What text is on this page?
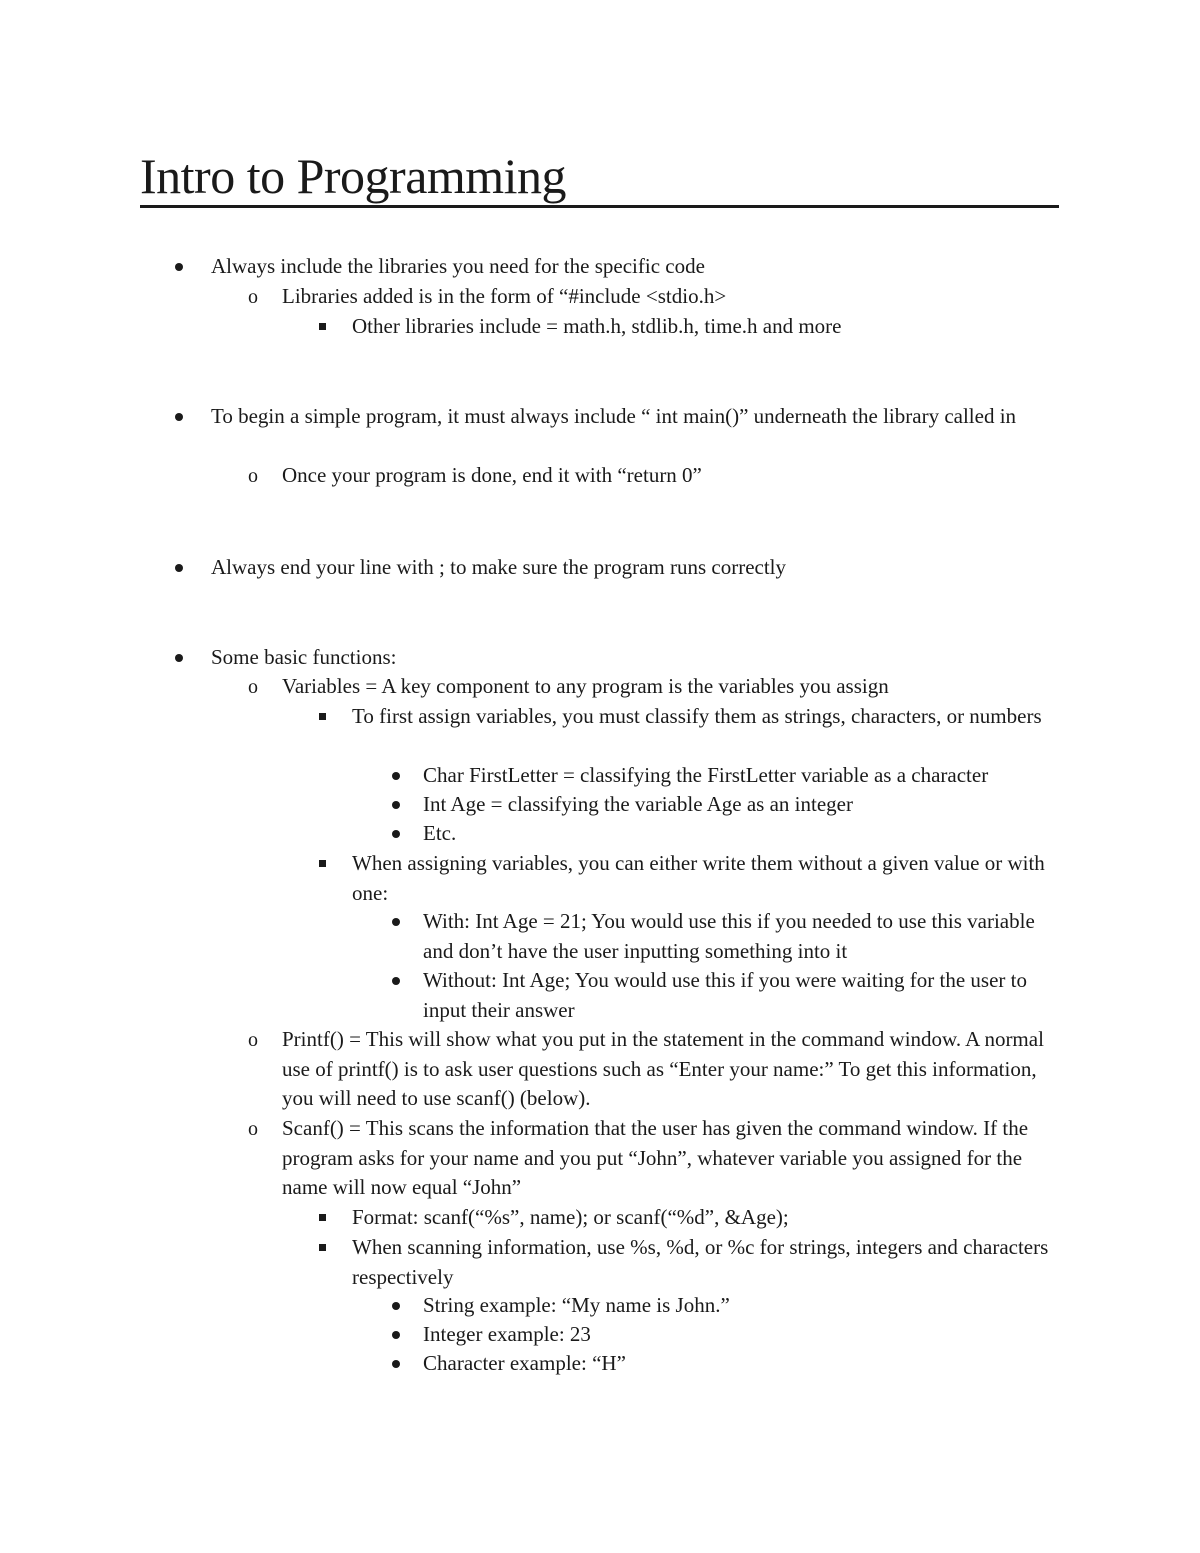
Intro to Programming
Always include the libraries you need for the specific code
o Libraries added is in the form of “#include <stdio.h>
Other libraries include = math.h, stdlib.h, time.h and more
To begin a simple program, it must always include “ int main()” underneath the library called in
o Once your program is done, end it with “return 0”
Always end your line with ; to make sure the program runs correctly
Some basic functions:
o Variables = A key component to any program is the variables you assign
To first assign variables, you must classify them as strings, characters, or numbers
Char FirstLetter = classifying the FirstLetter variable as a character
Int Age = classifying the variable Age as an integer
Etc.
When assigning variables, you can either write them without a given value or with one:
With: Int Age = 21; You would use this if you needed to use this variable and don’t have the user inputting something into it
Without: Int Age; You would use this if you were waiting for the user to input their answer
o Printf() = This will show what you put in the statement in the command window. A normal use of printf() is to ask user questions such as “Enter your name:” To get this information, you will need to use scanf() (below).
o Scanf() = This scans the information that the user has given the command window. If the program asks for your name and you put “John”, whatever variable you assigned for the name will now equal “John”
Format: scanf(“%s”, name); or scanf(“%d”, &Age);
When scanning information, use %s, %d, or %c for strings, integers and characters respectively
String example: “My name is John.”
Integer example: 23
Character example: “H”
